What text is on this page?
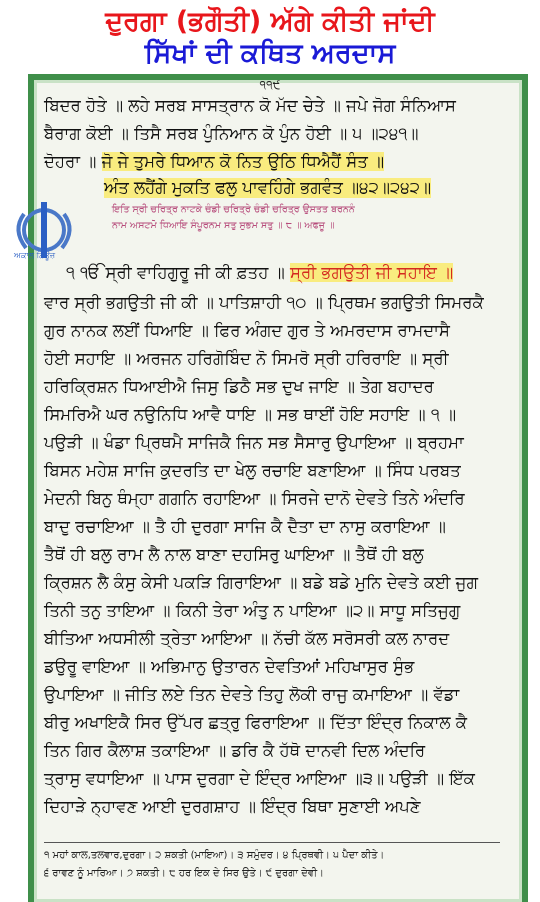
ਦੁਰਗਾ (ਭਗੌਤੀ) ਅੱਗੇ ਕੀਤੀ ਜਾਂਦੀ
ਸਿੱਖਾਂ ਦੀ ਕਥਿਤ ਅਰਦਾਸ
੧੧੯
ਅਕਾਲ ਨਿਊਜ਼
ਬਿਦਰ ਹੋਤੇ ॥ ਲਹੇ ਸਰਬ ਸਾਸਤ੍ਰਾਨ ਕੋ ਮੱਦ ਚੇਤੇ ॥ ਜਪੇ ਜੋਗ ਸੰਨਿਆਸ
ਬੈਰਾਗ ਕੋਈ ॥ ਤਿਸੈ ਸਰਬ ਪੁੰਨਿਆਨ ਕੋ ਪੁੰਨ ਹੋਈ ॥ ੫ ॥੨੪੧॥
ਦੋਹਰਾ ॥ ਜੋ ਜੇ ਤੁਮਰੇ ਧਿਆਨ ਕੋ ਨਿਤ ਉਠਿ ਧਿਐਹੈਂ ਸੰਤ ॥
ਅੰਤ ਲਹੈਂਗੇ ਮੁਕਤਿ ਫਲੁ ਪਾਵਹਿੰਗੇ ਭਗਵੰਤ ॥੪੨॥੨੪੨॥
ਇਤਿ ਸ੍ਰੀ ਚਰਿਤ੍ਰ ਨਾਟਕੇ ਚੰਡੀ ਚਰਿਤ੍ਰੇ ਚੰਡੀ ਚਰਿਤ੍ਰ ਉਸਤਤ ਬਰਨਨੰ
ਨਾਮ ਅਸਟਮੋ ਧਿਆਇ ਸੰਪੂਰਨਮ ਸਤੁ ਸੁਭਮ ਸਤੁ ॥ ੮ ॥ ਅਫਜੂ ॥
੧ ੴ ਸ੍ਰੀ ਵਾਹਿਗੁਰੂ ਜੀ ਕੀ ਫ਼ਤਹ ॥ ਸ੍ਰੀ ਭਗਉਤੀ ਜੀ ਸਹਾਇ ॥
ਵਾਰ ਸ੍ਰੀ ਭਗਉਤੀ ਜੀ ਕੀ ॥ ਪਾਤਿਸ਼ਾਹੀ ੧੦ ॥ ਪ੍ਰਿਥਮ ਭਗਉਤੀ ਸਿਮਰਕੈ
ਗੁਰ ਨਾਨਕ ਲਈਂ ਧਿਆਇ ॥ ਫਿਰ ਅੰਗਦ ਗੁਰ ਤੇ ਅਮਰਦਾਸ ਰਾਮਦਾਸੈ
ਹੋਈ ਸਹਾਇ ॥ ਅਰਜਨ ਹਰਿਗੋਬਿੰਦ ਨੋ ਸਿਮਰੋ ਸ੍ਰੀ ਹਰਿਰਾਇ ॥ ਸ੍ਰੀ
ਹਰਿਕ੍ਰਿਸ਼ਨ ਧਿਆਈਐ ਜਿਸੁ ਡਿਠੈ ਸਭ ਦੁਖ ਜਾਇ ॥ ਤੇਗ ਬਹਾਦਰ
ਸਿਮਰਿਐ ਘਰ ਨਉਨਿਧਿ ਆਵੈ ਧਾਇ ॥ ਸਭ ਥਾਈਂ ਹੋਇ ਸਹਾਇ ॥ ੧ ॥
ਪਉੜੀ ॥ ਖੰਡਾ ਪ੍ਰਿਥਮੈ ਸਾਜਿਕੈ ਜਿਨ ਸਭ ਸੈਸਾਰੁ ਉਪਾਇਆ ॥ ਬ੍ਰਹਮਾ
ਬਿਸਨ ਮਹੇਸ਼ ਸਾਜਿ ਕੁਦਰਤਿ ਦਾ ਖੇਲੁ ਰਚਾਇ ਬਣਾਇਆ ॥ ਸਿੰਧ ਪਰਬਤ
ਮੇਦਨੀ ਬਿਨੁ ਥੰਮ੍ਹਾ ਗਗਨਿ ਰਹਾਇਆ ॥ ਸਿਰਜੇ ਦਾਨੋ ਦੇਵਤੇ ਤਿਨੇ ਅੰਦਰਿ
ਬਾਦੁ ਰਚਾਇਆ ॥ ਤੈ ਹੀ ਦੁਰਗਾ ਸਾਜਿ ਕੈ ਦੈਤਾ ਦਾ ਨਾਸੁ ਕਰਾਇਆ ॥
ਤੈਥੋਂ ਹੀ ਬਲੁ ਰਾਮ ਲੈ ਨਾਲ ਬਾਣਾ ਦਹਸਿਰੁ ਘਾਇਆ ॥ ਤੈਥੋਂ ਹੀ ਬਲੁ
ਕ੍ਰਿਸ਼ਨ ਲੈ ਕੰਸੁ ਕੇਸੀ ਪਕੜਿ ਗਿਰਾਇਆ ॥ ਬਡੇ ਬਡੇ ਮੁਨਿ ਦੇਵਤੇ ਕਈ ਜੁਗ
ਤਿਨੀ ਤਨੁ ਤਾਇਆ ॥ ਕਿਨੀ ਤੇਰਾ ਅੰਤੁ ਨ ਪਾਇਆ ॥੨॥ ਸਾਧੂ ਸਤਿਜੁਗੁ
ਬੀਤਿਆ ਅਧਸੀਲੀ ਤ੍ਰੇਤਾ ਆਇਆ ॥ ਨੱਚੀ ਕੱਲ ਸਰੋਸਰੀ ਕਲ ਨਾਰਦ
ਡਉਰੂ ਵਾਇਆ ॥ ਅਭਿਮਾਨੁ ਉਤਾਰਨ ਦੇਵਤਿਆਂ ਮਹਿਖਾਸੁਰ ਸੁੰਭ
ਉਪਾਇਆ ॥ ਜੀਤਿ ਲਏ ਤਿਨ ਦੇਵਤੇ ਤਿਹੁ ਲੋਕੀ ਰਾਜੁ ਕਮਾਇਆ ॥ ਵੱਡਾ
ਬੀਰੁ ਅਖਾਇਕੈ ਸਿਰ ਉੱਪਰ ਛਤ੍ਰੁ ਫਿਰਾਇਆ ॥ ਦਿੱਤਾ ਇੰਦ੍ਰ ਨਿਕਾਲ ਕੈ
ਤਿਨ ਗਿਰ ਕੈਲਾਸ਼ ਤਕਾਇਆ ॥ ਡਰਿ ਕੈ ਹੱਥੋ ਦਾਨਵੀ ਦਿਲ ਅੰਦਰਿ
ਤ੍ਰਾਸੁ ਵਧਾਇਆ ॥ ਪਾਸ ਦੁਰਗਾ ਦੇ ਇੰਦ੍ਰ ਆਇਆ ॥੩॥ ਪਉੜੀ ॥ ਇੱਕ
ਦਿਹਾੜੇ ਨ੍ਹਾਵਣ ਆਈ ਦੁਰਗਸ਼ਾਹ ॥ ਇੰਦ੍ਰ ਬਿਥਾ ਸੁਣਾਈ ਅਪਣੇ
੧ ਮਹਾਂ ਕਾਲ,ਤਲਵਾਰ,ਦੁਰਗਾ। ੨ ਸ਼ਕਤੀ (ਮਾਇਆ)। ੩ ਸਮੁੰਦਰ। ੪ ਪ੍ਰਿਥਵੀ। ੫ ਪੈਦਾ ਕੀਤੇ।
੬ ਰਾਵਣ ਨੂੰ ਮਾਰਿਆ। ੭ ਸ਼ਕਤੀ। ੮ ਹਰ ਇਕ ਦੇ ਸਿਰ ਉਤੇ। ੯ ਦੁਰਗਾ ਦੇਵੀ।
